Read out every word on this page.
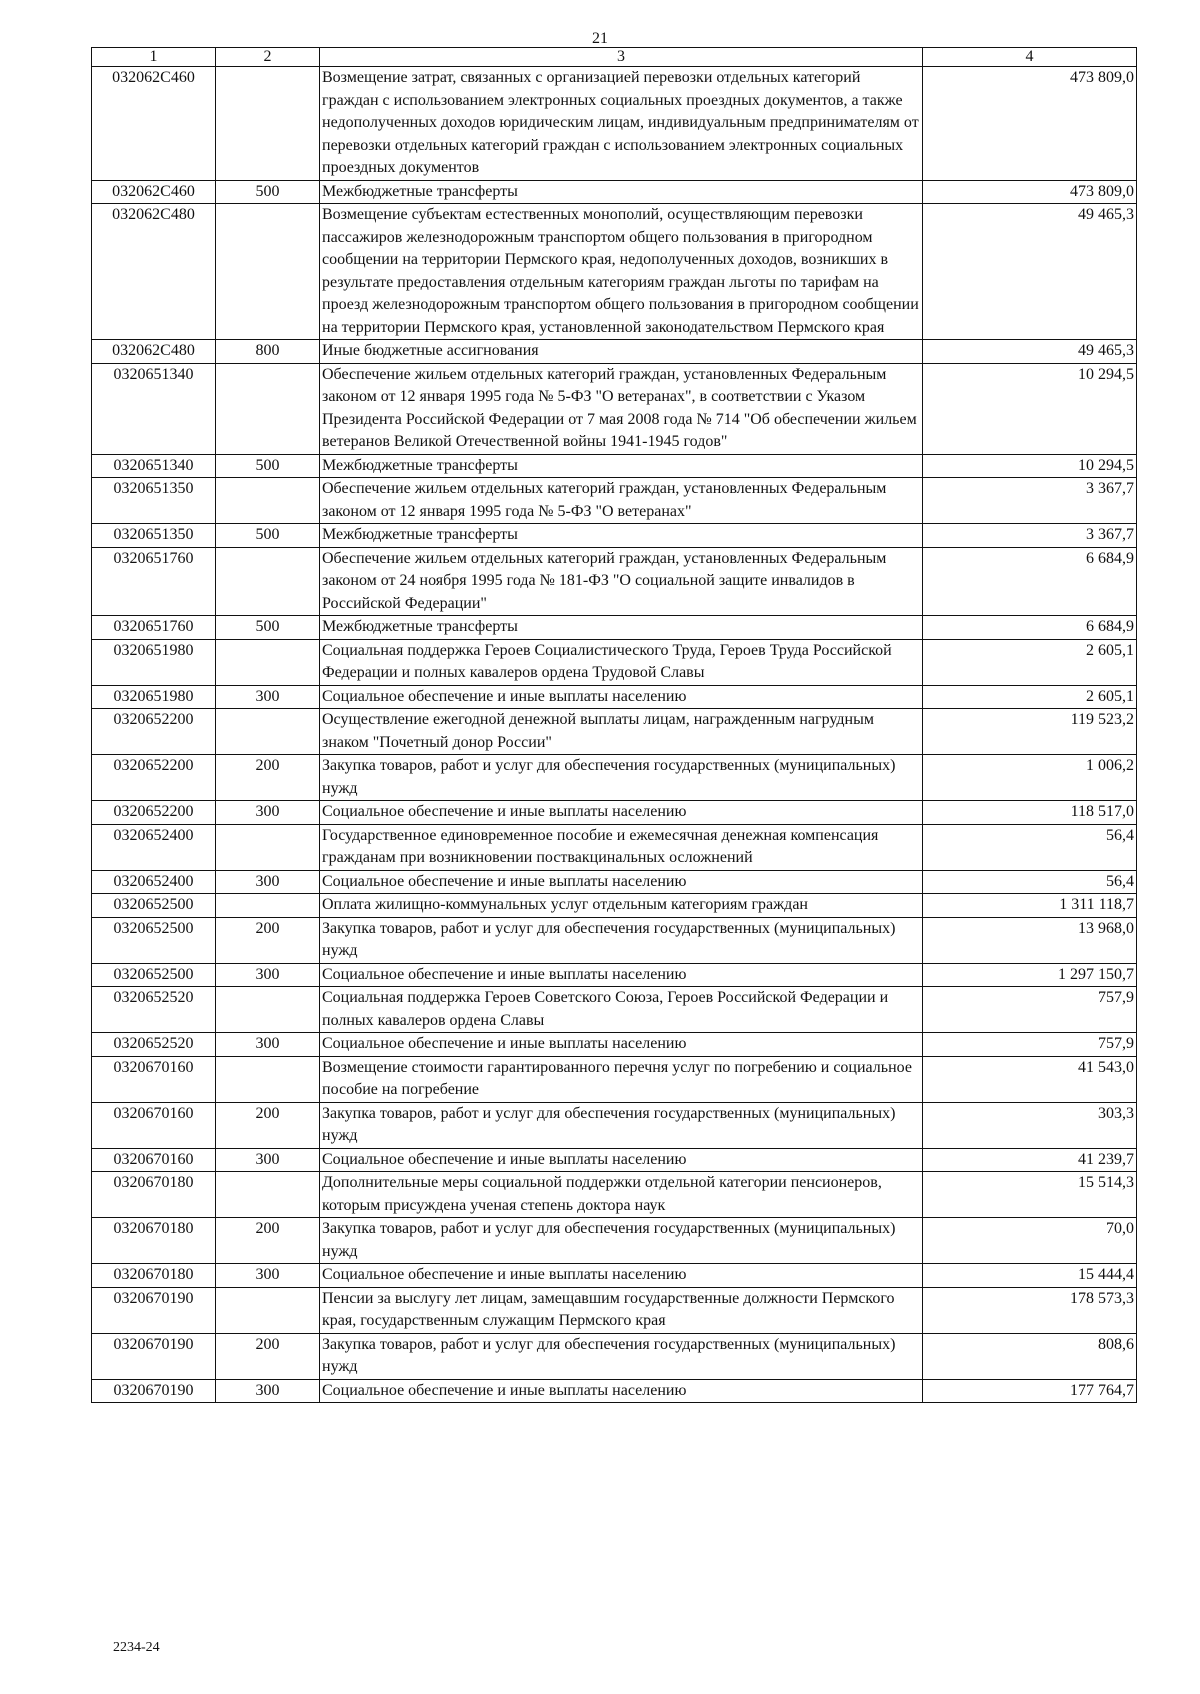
21
1	2	3	4
032062C460		Возмещение затрат, связанных с организацией перевозки отдельных категорий граждан с использованием электронных социальных проездных документов, а также недополученных доходов юридическим лицам, индивидуальным предпринимателям от перевозки отдельных категорий граждан с использованием электронных социальных проездных документов	473 809,0
032062C460	500	Межбюджетные трансферты	473 809,0
032062C480		Возмещение субъектам естественных монополий, осуществляющим перевозки пассажиров железнодорожным транспортом общего пользования в пригородном сообщении на территории Пермского края, недополученных доходов, возникших в результате предоставления отдельным категориям граждан льготы по тарифам на проезд железнодорожным транспортом общего пользования в пригородном сообщении на территории Пермского края, установленной законодательством Пермского края	49 465,3
032062C480	800	Иные бюджетные ассигнования	49 465,3
0320651340		Обеспечение жильем отдельных категорий граждан, установленных Федеральным законом от 12 января 1995 года № 5-ФЗ "О ветеранах", в соответствии с Указом Президента Российской Федерации от 7 мая 2008 года № 714 "Об обеспечении жильем ветеранов Великой Отечественной войны 1941-1945 годов"	10 294,5
0320651340	500	Межбюджетные трансферты	10 294,5
0320651350		Обеспечение жильем отдельных категорий граждан, установленных Федеральным законом от 12 января 1995 года № 5-ФЗ "О ветеранах"	3 367,7
0320651350	500	Межбюджетные трансферты	3 367,7
0320651760		Обеспечение жильем отдельных категорий граждан, установленных Федеральным законом от 24 ноября 1995 года № 181-ФЗ "О социальной защите инвалидов в Российской Федерации"	6 684,9
0320651760	500	Межбюджетные трансферты	6 684,9
0320651980		Социальная поддержка Героев Социалистического Труда, Героев Труда Российской Федерации и полных кавалеров ордена Трудовой Славы	2 605,1
0320651980	300	Социальное обеспечение и иные выплаты населению	2 605,1
0320652200		Осуществление ежегодной денежной выплаты лицам, награжденным нагрудным знаком "Почетный донор России"	119 523,2
0320652200	200	Закупка товаров, работ и услуг для обеспечения государственных (муниципальных) нужд	1 006,2
0320652200	300	Социальное обеспечение и иные выплаты населению	118 517,0
0320652400		Государственное единовременное пособие и ежемесячная денежная компенсация гражданам при возникновении поствакцинальных осложнений	56,4
0320652400	300	Социальное обеспечение и иные выплаты населению	56,4
0320652500		Оплата жилищно-коммунальных услуг отдельным категориям граждан	1 311 118,7
0320652500	200	Закупка товаров, работ и услуг для обеспечения государственных (муниципальных) нужд	13 968,0
0320652500	300	Социальное обеспечение и иные выплаты населению	1 297 150,7
0320652520		Социальная поддержка Героев Советского Союза, Героев Российской Федерации и полных кавалеров ордена Славы	757,9
0320652520	300	Социальное обеспечение и иные выплаты населению	757,9
0320670160		Возмещение стоимости гарантированного перечня услуг по погребению и социальное пособие на погребение	41 543,0
0320670160	200	Закупка товаров, работ и услуг для обеспечения государственных (муниципальных) нужд	303,3
0320670160	300	Социальное обеспечение и иные выплаты населению	41 239,7
0320670180		Дополнительные меры социальной поддержки отдельной категории пенсионеров, которым присуждена ученая степень доктора наук	15 514,3
0320670180	200	Закупка товаров, работ и услуг для обеспечения государственных (муниципальных) нужд	70,0
0320670180	300	Социальное обеспечение и иные выплаты населению	15 444,4
0320670190		Пенсии за выслугу лет лицам, замещавшим государственные должности Пермского края, государственным служащим Пермского края	178 573,3
0320670190	200	Закупка товаров, работ и услуг для обеспечения государственных (муниципальных) нужд	808,6
0320670190	300	Социальное обеспечение и иные выплаты населению	177 764,7
2234-24
